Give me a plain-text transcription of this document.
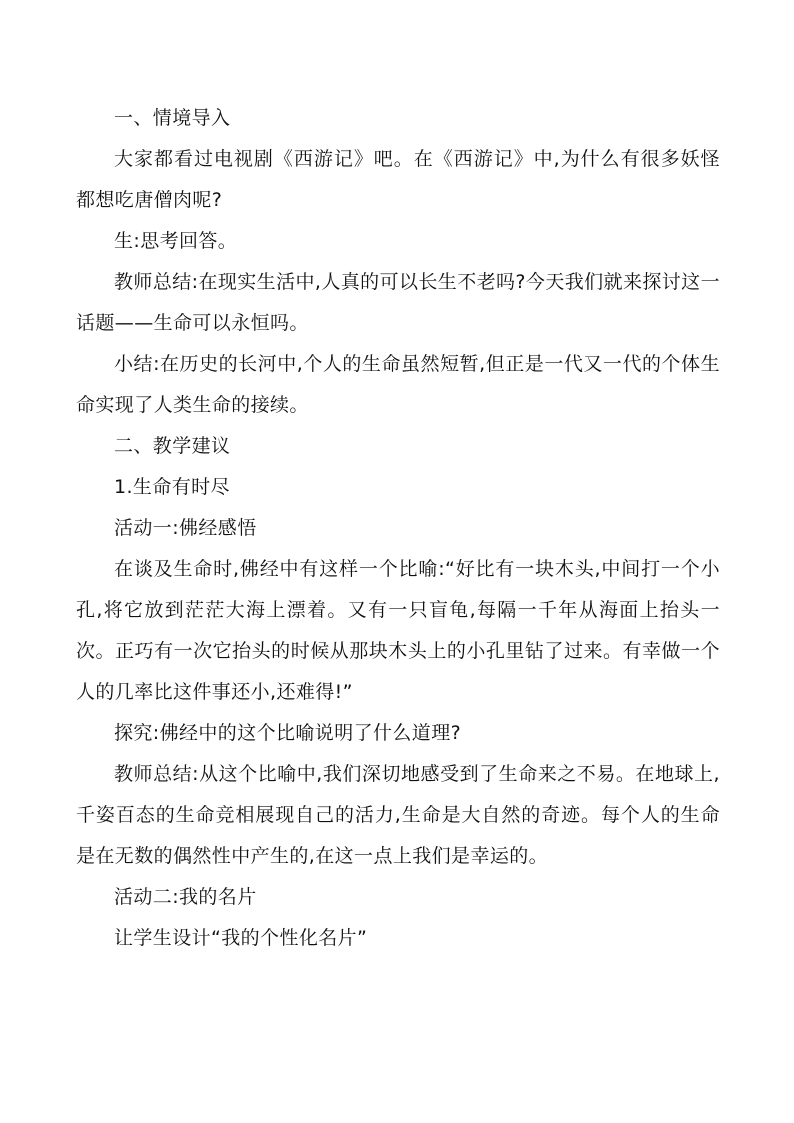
一、情境导入

大家都看过电视剧《西游记》吧。在《西游记》中,为什么有很多妖怪都想吃唐僧肉呢?

生:思考回答。

教师总结:在现实生活中,人真的可以长生不老吗?今天我们就来探讨这一话题——生命可以永恒吗。

小结:在历史的长河中,个人的生命虽然短暂,但正是一代又一代的个体生命实现了人类生命的接续。

二、教学建议

1.生命有时尽

活动一:佛经感悟

在谈及生命时,佛经中有这样一个比喻:“好比有一块木头,中间打一个小孔,将它放到茫茫大海上漂着。又有一只盲龟,每隔一千年从海面上抬头一次。正巧有一次它抬头的时候从那块木头上的小孔里钻了过来。有幸做一个人的几率比这件事还小,还难得!”

探究:佛经中的这个比喻说明了什么道理?

教师总结:从这个比喻中,我们深切地感受到了生命来之不易。在地球上,千姿百态的生命竞相展现自己的活力,生命是大自然的奇迹。每个人的生命是在无数的偶然性中产生的,在这一点上我们是幸运的。

活动二:我的名片

让学生设计“我的个性化名片”
